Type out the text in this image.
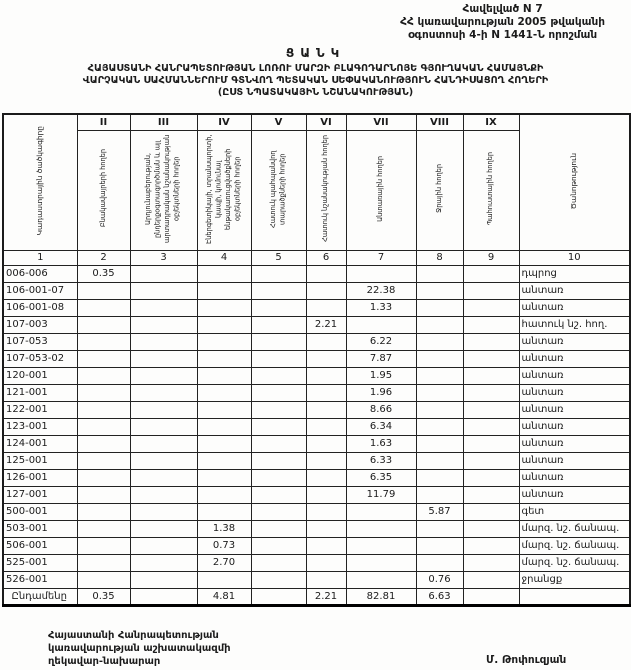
Հավելված N 7
ՀՀ կառավարության 2005 թվականի
օգոստոսի 4-ի N 1441-Ն որոշման
ՑԱՆԿ
ՀԱՅԱՍՏԱՆԻ ՀԱՆՐԱՊԵՏՈՒԹՅԱՆ ԼՈՌՈՒ ՄԱՐԶԻ ԲԼԱԳՈԴԱՐՆՈՅԵ ԳՅՈՒՂԱԿԱՆ ՀԱՄԱՅՆՔԻ
ՎԱՐՉԱԿԱՆ ՍԱՀՄԱՆՆԵՐՈՒՄ ԳՏՆՎՈՂ ՊԵՏԱԿԱՆ ՍԵՓԱԿԱՆՈՒԹՅՈՒՆ ՀԱՆԴԻՍԱՑՈՂ ՀՈՂԵՐԻ
(ԸՍՏ ՆՊԱՏԱԿԱՅԻՆ ՆՇԱՆԱԿՈՒԹՅԱՆ)
Կադաստրային ծածկագիրը	II	III	IV	V	VI	VII	VIII	IX	Ծանոթություն
	Բնակավայրերի հողեր	Արդյունաբերության, ընդերքօգտագործման և այլ արտադրական նշանակության օբյեկտների հողեր	Էներգետիկայի, տրանսպորտի, կապի, կոմունալ ենթակառուցվածքների օբյեկտների հողեր	Հատուկ պահպանվող տարածքների հողեր	Հատուկ նշանակության հողեր	Անտառային հողեր	Ջրային հողեր	Պահուստային հողեր	
1	2	3	4	5	6	7	8	9	10
006-006	0.35								դպրոց
106-001-07						22.38			անտառ
106-001-08						1.33			անտառ
107-003					2.21				հատուկ նշ. հող.
107-053						6.22			անտառ
107-053-02						7.87			անտառ
120-001						1.95			անտառ
121-001						1.96			անտառ
122-001						8.66			անտառ
123-001						6.34			անտառ
124-001						1.63			անտառ
125-001						6.33			անտառ
126-001						6.35			անտառ
127-001						11.79			անտառ
500-001							5.87		գետ
503-001			1.38						մարզ. նշ. ճանապ.
506-001			0.73						մարզ. նշ. ճանապ.
525-001			2.70						մարզ. նշ. ճանապ.
526-001							0.76		ջրանցք
Ընդամենը	0.35		4.81		2.21	82.81	6.63		
Հայաստանի Հանրապետության
կառավարության աշխատակազմի
ղեկավար-նախարար	Մ. Թոփուզյան
